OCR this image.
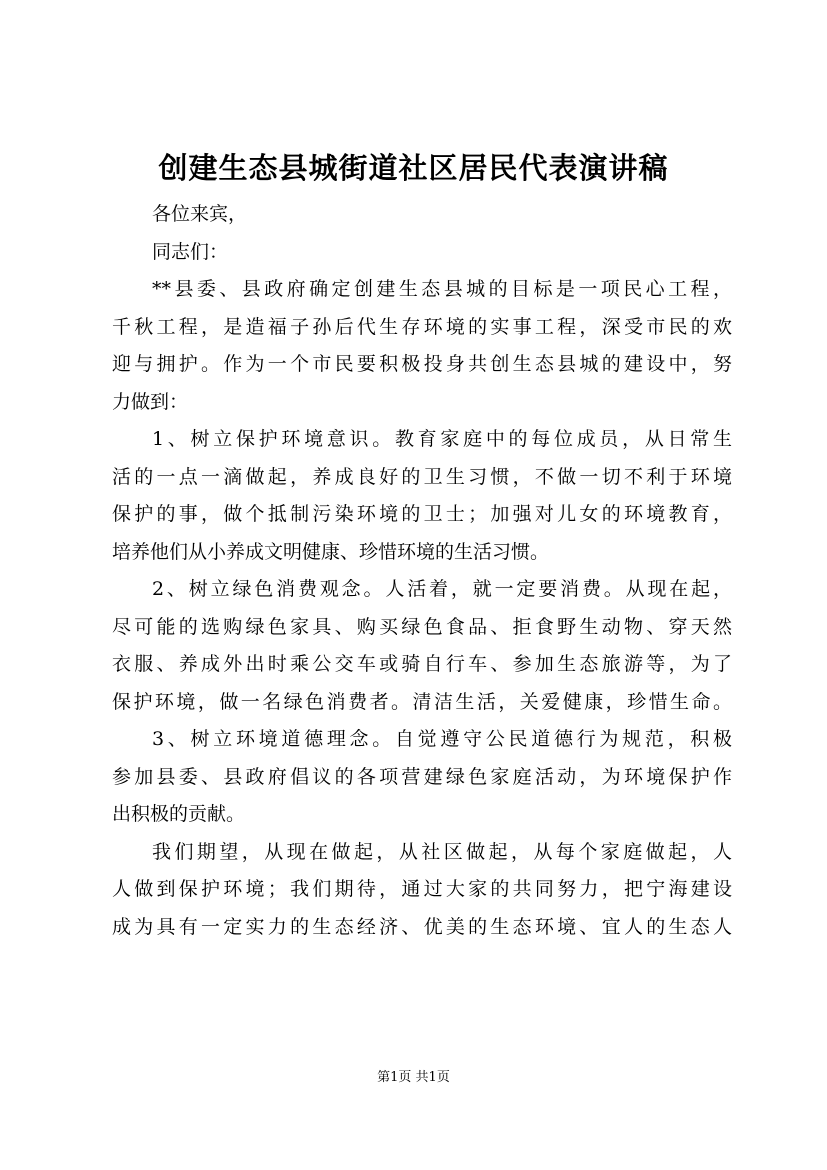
创建生态县城街道社区居民代表演讲稿
各位来宾，
同志们：
**县委、县政府确定创建生态县城的目标是一项民心工程，
千秋工程，是造福子孙后代生存环境的实事工程，深受市民的欢
迎与拥护。作为一个市民要积极投身共创生态县城的建设中，努
力做到：
1、树立保护环境意识。教育家庭中的每位成员，从日常生
活的一点一滴做起，养成良好的卫生习惯，不做一切不利于环境
保护的事，做个抵制污染环境的卫士；加强对儿女的环境教育，
培养他们从小养成文明健康、珍惜环境的生活习惯。
2、树立绿色消费观念。人活着，就一定要消费。从现在起，
尽可能的选购绿色家具、购买绿色食品、拒食野生动物、穿天然
衣服、养成外出时乘公交车或骑自行车、参加生态旅游等，为了
保护环境，做一名绿色消费者。清洁生活，关爱健康，珍惜生命。
3、树立环境道德理念。自觉遵守公民道德行为规范，积极
参加县委、县政府倡议的各项营建绿色家庭活动，为环境保护作
出积极的贡献。
我们期望，从现在做起，从社区做起，从每个家庭做起，人
人做到保护环境；我们期待，通过大家的共同努力，把宁海建设
成为具有一定实力的生态经济、优美的生态环境、宜人的生态人
第1页 共1页
